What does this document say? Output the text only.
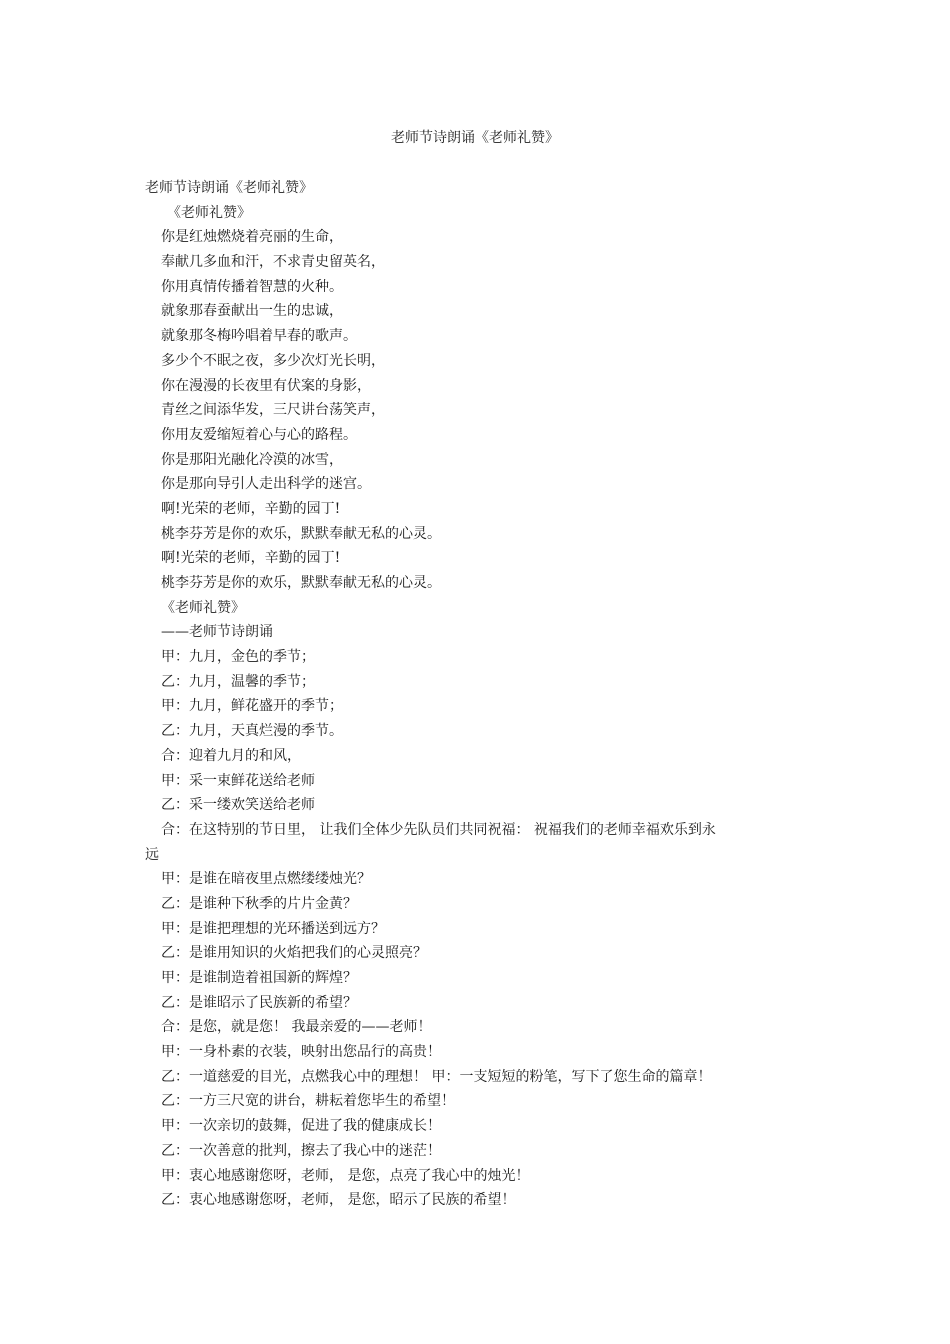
老师节诗朗诵《老师礼赞》
老师节诗朗诵《老师礼赞》
《老师礼赞》
你是红烛燃烧着亮丽的生命，
奉献几多血和汗，不求青史留英名，
你用真情传播着智慧的火种。
就象那春蚕献出一生的忠诚，
就象那冬梅吟唱着早春的歌声。
多少个不眠之夜，多少次灯光长明，
你在漫漫的长夜里有伏案的身影，
青丝之间添华发，三尺讲台荡笑声，
你用友爱缩短着心与心的路程。
你是那阳光融化冷漠的冰雪，
你是那向导引人走出科学的迷宫。
啊!光荣的老师，辛勤的园丁!
桃李芬芳是你的欢乐，默默奉献无私的心灵。
啊!光荣的老师，辛勤的园丁!
桃李芬芳是你的欢乐，默默奉献无私的心灵。
《老师礼赞》
——老师节诗朗诵
甲：九月，金色的季节；
乙：九月，温馨的季节；
甲：九月，鲜花盛开的季节；
乙：九月，天真烂漫的季节。
合：迎着九月的和风，
甲：采一束鲜花送给老师
乙：采一缕欢笑送给老师
合：在这特别的节日里， 让我们全体少先队员们共同祝福： 祝福我们的老师幸福欢乐到永
远
甲：是谁在暗夜里点燃缕缕烛光？
乙：是谁种下秋季的片片金黄？
甲：是谁把理想的光环播送到远方？
乙：是谁用知识的火焰把我们的心灵照亮？
甲：是谁制造着祖国新的辉煌？
乙：是谁昭示了民族新的希望？
合：是您，就是您！ 我最亲爱的——老师！
甲：一身朴素的衣装，映射出您品行的高贵！
乙：一道慈爱的目光，点燃我心中的理想！ 甲：一支短短的粉笔，写下了您生命的篇章！
乙：一方三尺宽的讲台，耕耘着您毕生的希望！
甲：一次亲切的鼓舞，促进了我的健康成长！
乙：一次善意的批判，擦去了我心中的迷茫！
甲：衷心地感谢您呀，老师， 是您，点亮了我心中的烛光！
乙：衷心地感谢您呀，老师， 是您，昭示了民族的希望！
